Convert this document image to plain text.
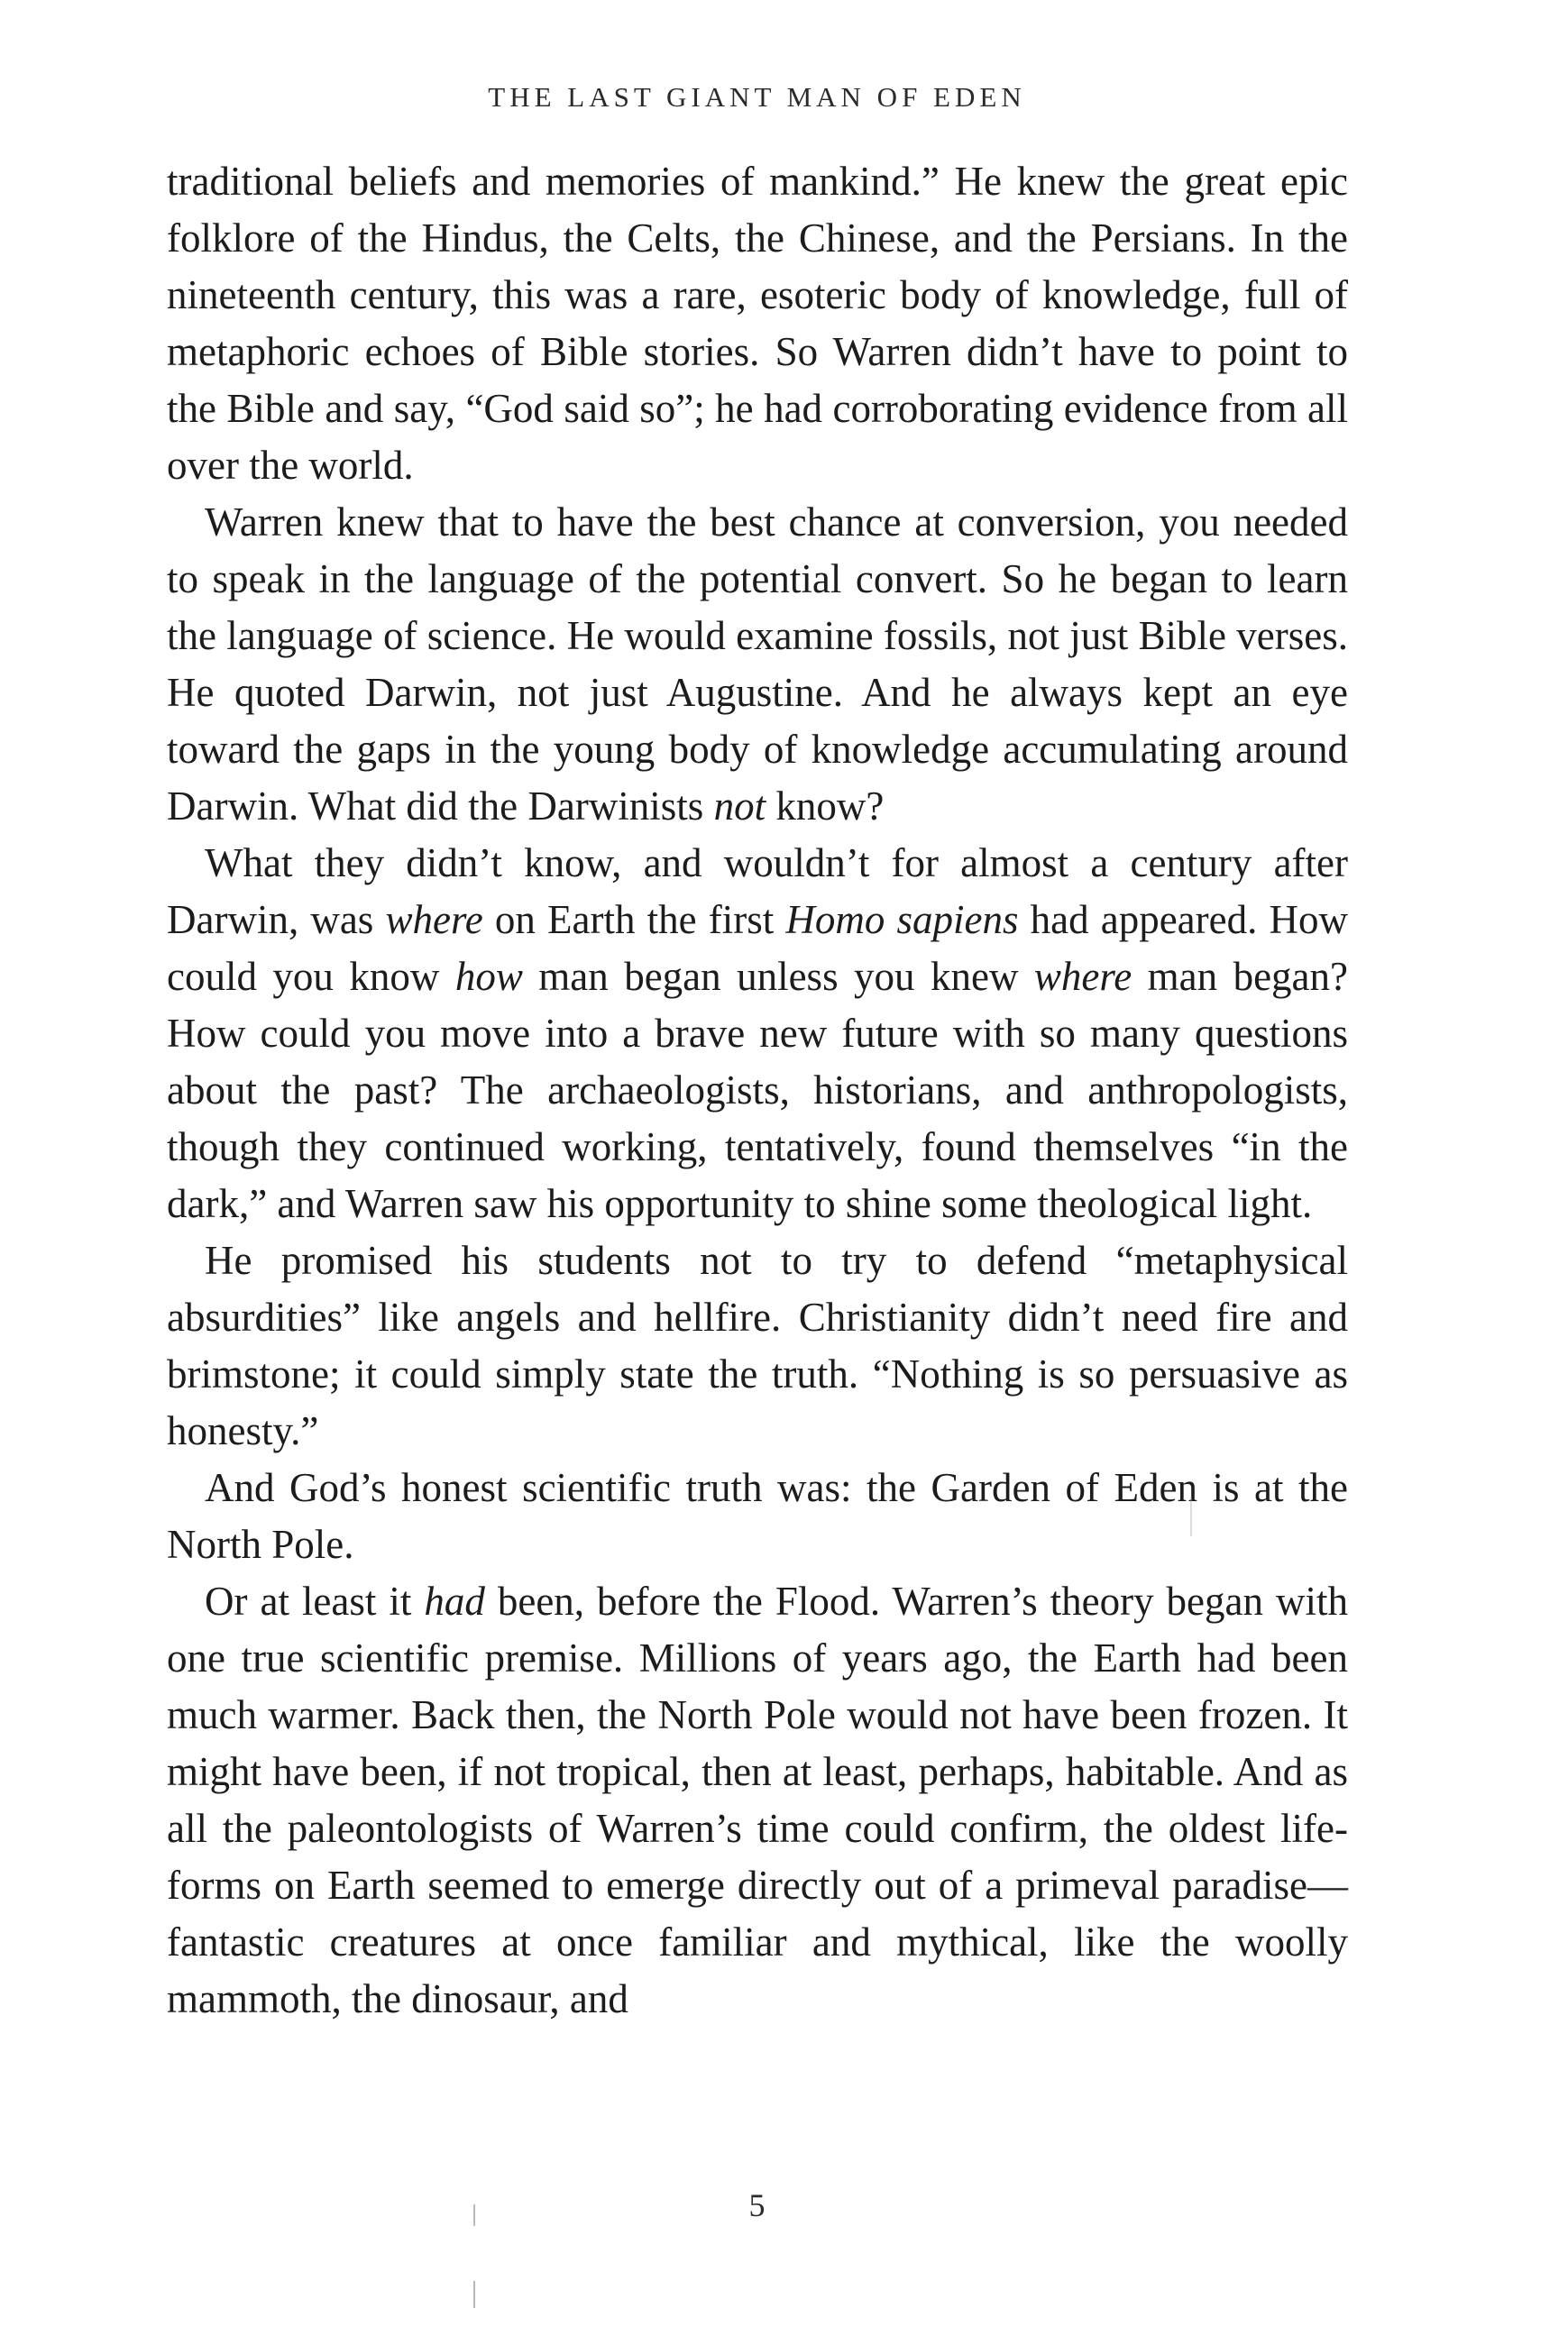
THE LAST GIANT MAN OF EDEN

traditional beliefs and memories of mankind.” He knew the great epic folklore of the Hindus, the Celts, the Chinese, and the Persians. In the nineteenth century, this was a rare, esoteric body of knowledge, full of metaphoric echoes of Bible stories. So Warren didn’t have to point to the Bible and say, “God said so”; he had corroborating evidence from all over the world.

Warren knew that to have the best chance at conversion, you needed to speak in the language of the potential convert. So he began to learn the language of science. He would examine fossils, not just Bible verses. He quoted Darwin, not just Augustine. And he always kept an eye toward the gaps in the young body of knowledge accumulating around Darwin. What did the Darwinists not know?

What they didn’t know, and wouldn’t for almost a century after Darwin, was where on Earth the first Homo sapiens had appeared. How could you know how man began unless you knew where man began? How could you move into a brave new future with so many questions about the past? The archaeologists, historians, and anthropologists, though they continued working, tentatively, found themselves “in the dark,” and Warren saw his opportunity to shine some theological light.

He promised his students not to try to defend “metaphysical absurdities” like angels and hellfire. Christianity didn’t need fire and brimstone; it could simply state the truth. “Nothing is so persuasive as honesty.”

And God’s honest scientific truth was: the Garden of Eden is at the North Pole.

Or at least it had been, before the Flood. Warren’s theory began with one true scientific premise. Millions of years ago, the Earth had been much warmer. Back then, the North Pole would not have been frozen. It might have been, if not tropical, then at least, perhaps, habitable. And as all the paleontologists of Warren’s time could confirm, the oldest life-forms on Earth seemed to emerge directly out of a primeval paradise—fantastic creatures at once familiar and mythical, like the woolly mammoth, the dinosaur, and

5
